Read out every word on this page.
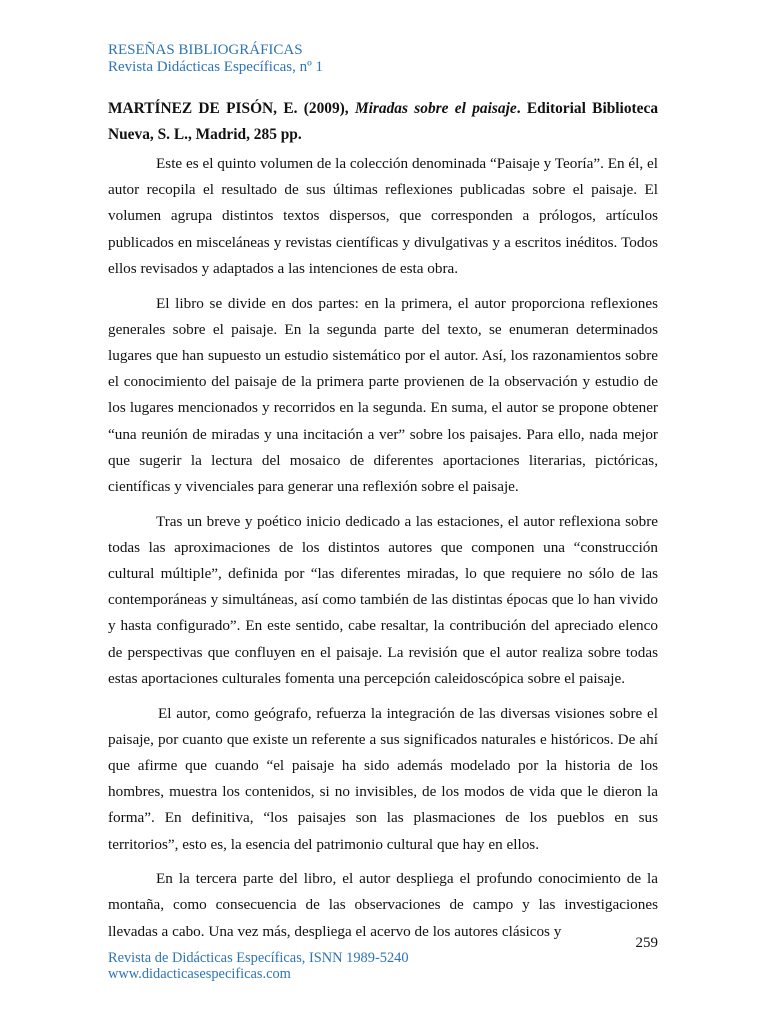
RESEÑAS BIBLIOGRÁFICAS
Revista Didácticas Específicas, nº 1

MARTÍNEZ DE PISÓN, E. (2009), Miradas sobre el paisaje. Editorial Biblioteca Nueva, S. L., Madrid, 285 pp.

Este es el quinto volumen de la colección denominada “Paisaje y Teoría”. En él, el autor recopila el resultado de sus últimas reflexiones publicadas sobre el paisaje. El volumen agrupa distintos textos dispersos, que corresponden a prólogos, artículos publicados en misceláneas y revistas científicas y divulgativas y a escritos inéditos. Todos ellos revisados y adaptados a las intenciones de esta obra.

El libro se divide en dos partes: en la primera, el autor proporciona reflexiones generales sobre el paisaje. En la segunda parte del texto, se enumeran determinados lugares que han supuesto un estudio sistemático por el autor. Así, los razonamientos sobre el conocimiento del paisaje de la primera parte provienen de la observación y estudio de los lugares mencionados y recorridos en la segunda. En suma, el autor se propone obtener “una reunión de miradas y una incitación a ver” sobre los paisajes. Para ello, nada mejor que sugerir la lectura del mosaico de diferentes aportaciones literarias, pictóricas, científicas y vivenciales para generar una reflexión sobre el paisaje.

Tras un breve y poético inicio dedicado a las estaciones, el autor reflexiona sobre todas las aproximaciones de los distintos autores que componen una “construcción cultural múltiple”, definida por “las diferentes miradas, lo que requiere no sólo de las contemporáneas y simultáneas, así como también de las distintas épocas que lo han vivido y hasta configurado”. En este sentido, cabe resaltar, la contribución del apreciado elenco de perspectivas que confluyen en el paisaje. La revisión que el autor realiza sobre todas estas aportaciones culturales fomenta una percepción caleidoscópica sobre el paisaje.

El autor, como geógrafo, refuerza la integración de las diversas visiones sobre el paisaje, por cuanto que existe un referente a sus significados naturales e históricos. De ahí que afirme que cuando “el paisaje ha sido además modelado por la historia de los hombres, muestra los contenidos, si no invisibles, de los modos de vida que le dieron la forma”. En definitiva, “los paisajes son las plasmaciones de los pueblos en sus territorios”, esto es, la esencia del patrimonio cultural que hay en ellos.

En la tercera parte del libro, el autor despliega el profundo conocimiento de la montaña, como consecuencia de las observaciones de campo y las investigaciones llevadas a cabo. Una vez más, despliega el acervo de los autores clásicos y

259
Revista de Didácticas Específicas, ISNN 1989-5240
www.didacticasespecificas.com
